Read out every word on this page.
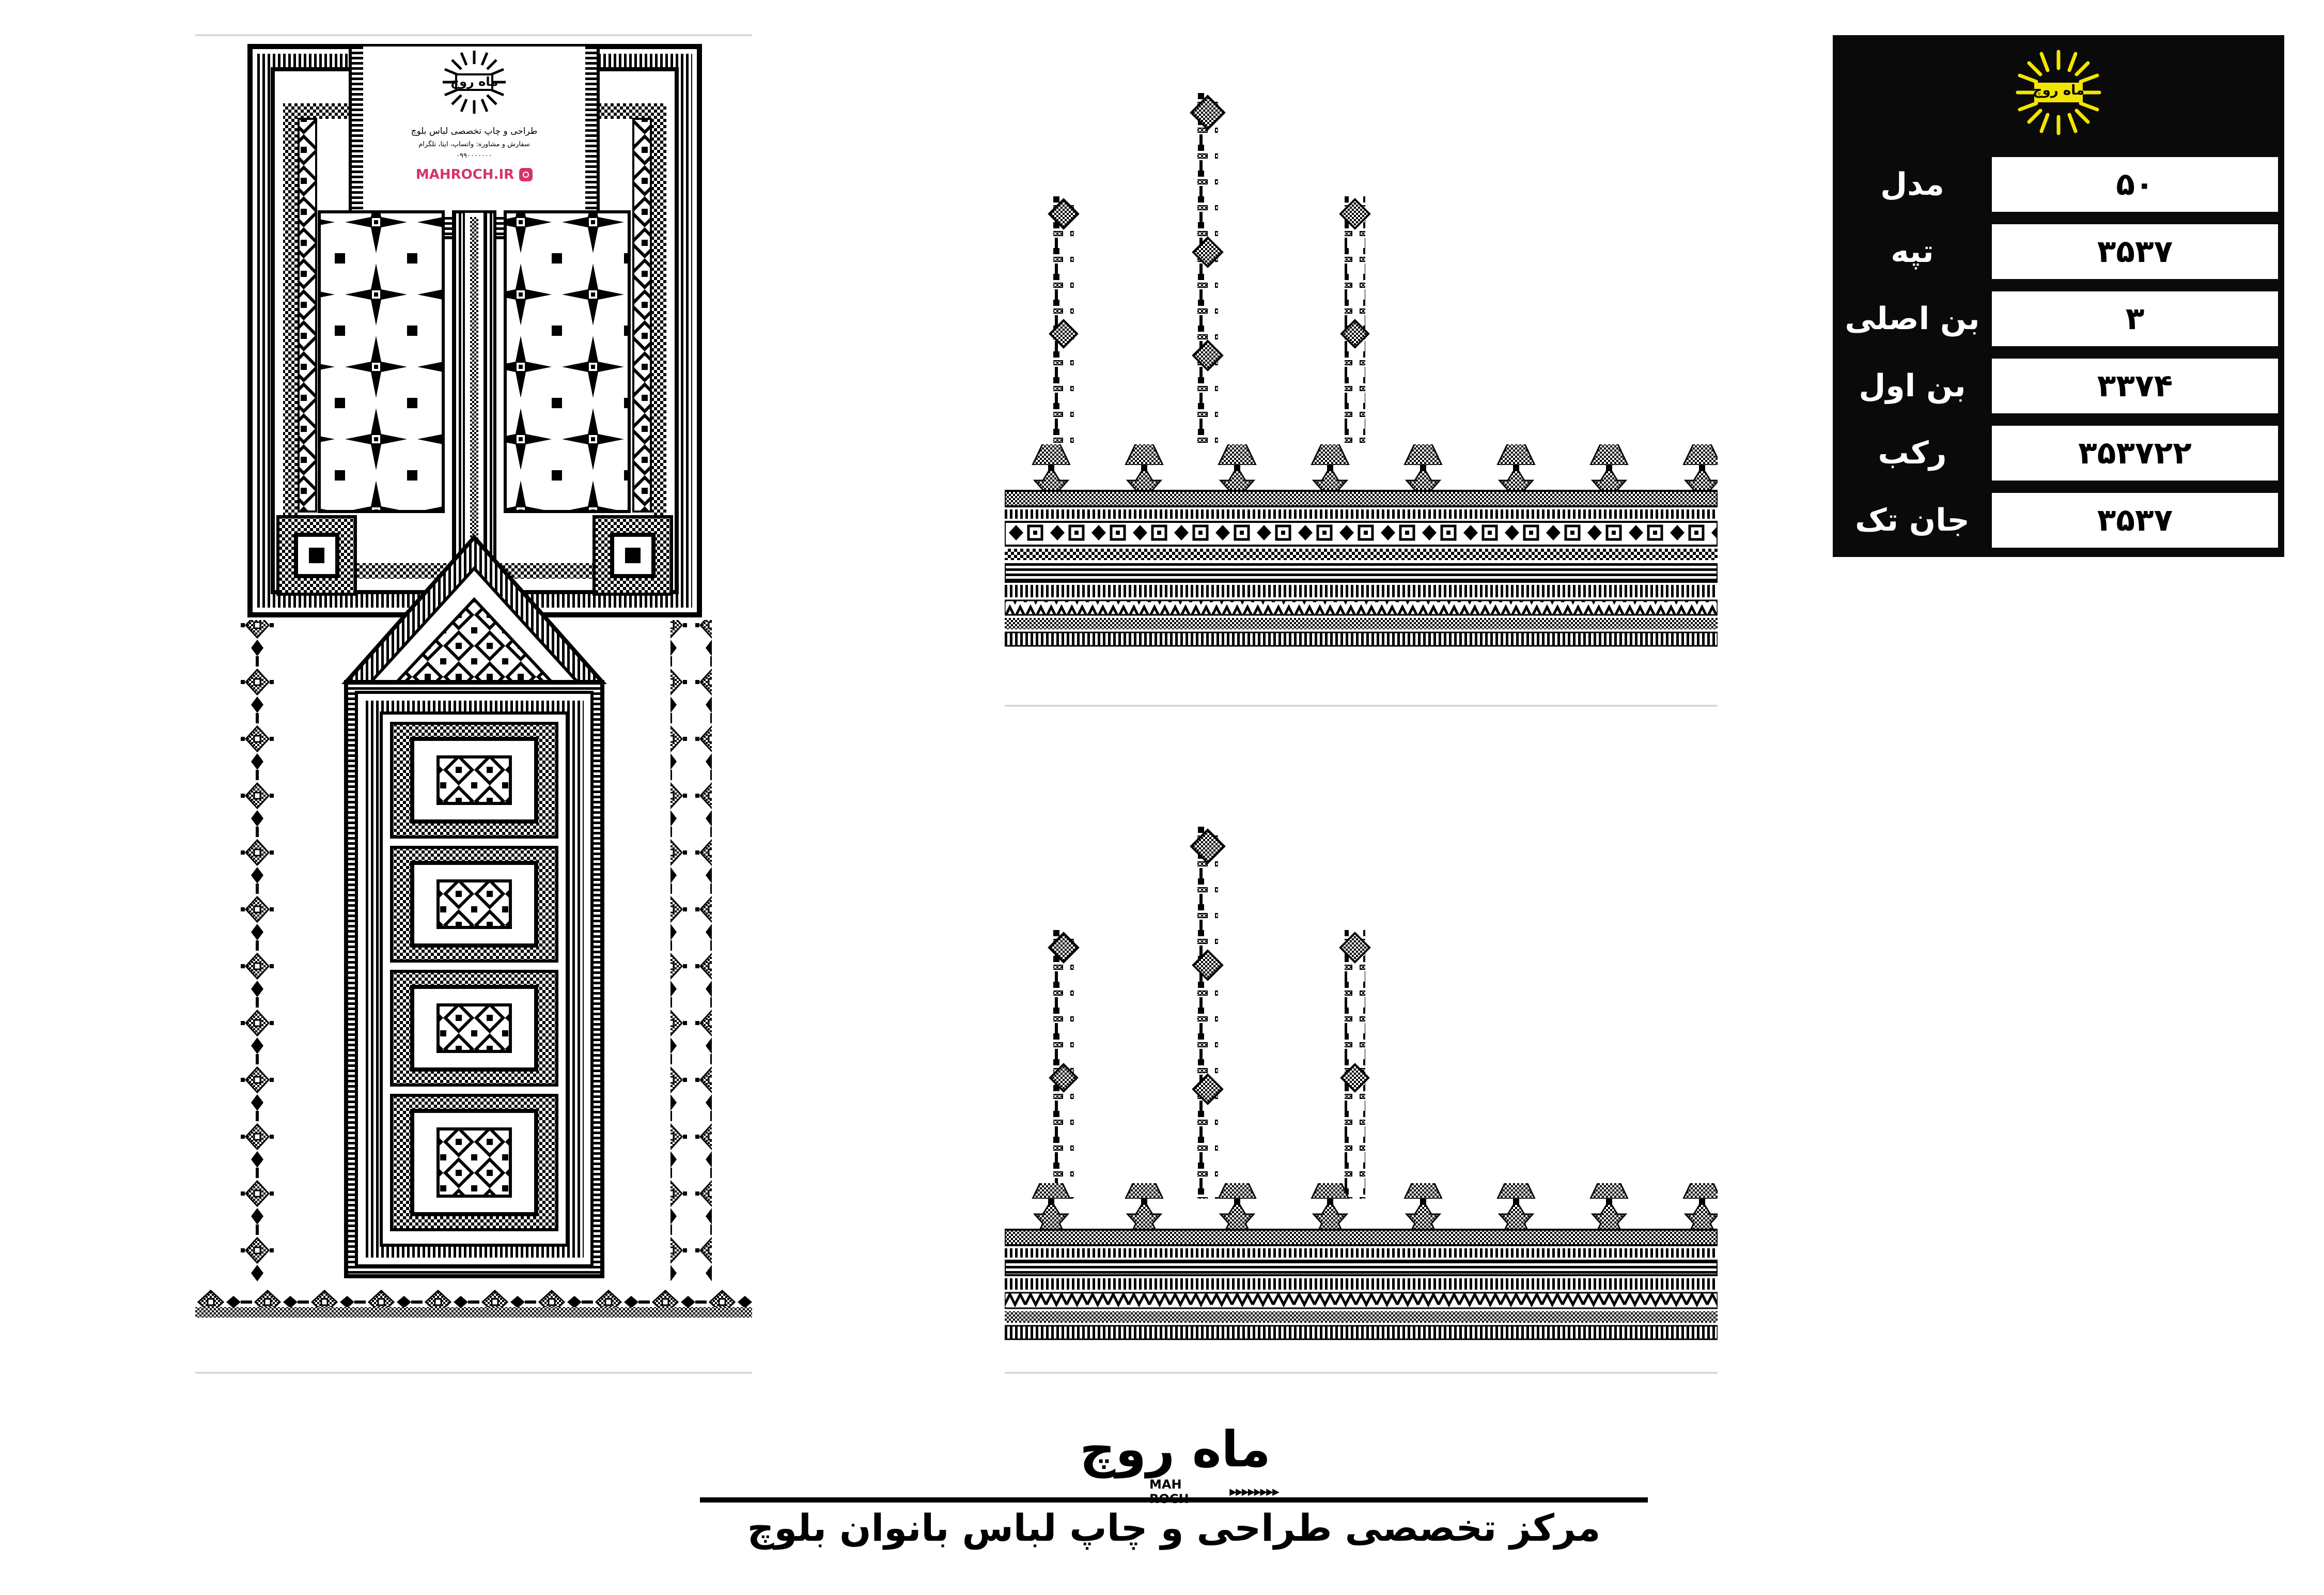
ماه روچ
طراحی و چاپ تخصصی لباس بلوچ
سفارش و مشاوره: واتساپ، ایتا، تلگرام
۰۹۹۰۰۰۰۰۰۰
MAHROCH.IR
ماه روچ
۵۰
مدل
۳۵۳۷
تپه
۳
بن اصلی
۳۳۷۴
بن اول
۳۵۳۷۲۲
رکب
۳۵۳۷
جان تک
ماه روچ
MAH	▶▶▶▶▶▶▶▶
مرکز تخصصی طراحی و چاپ لباس بانوان بلوچ
